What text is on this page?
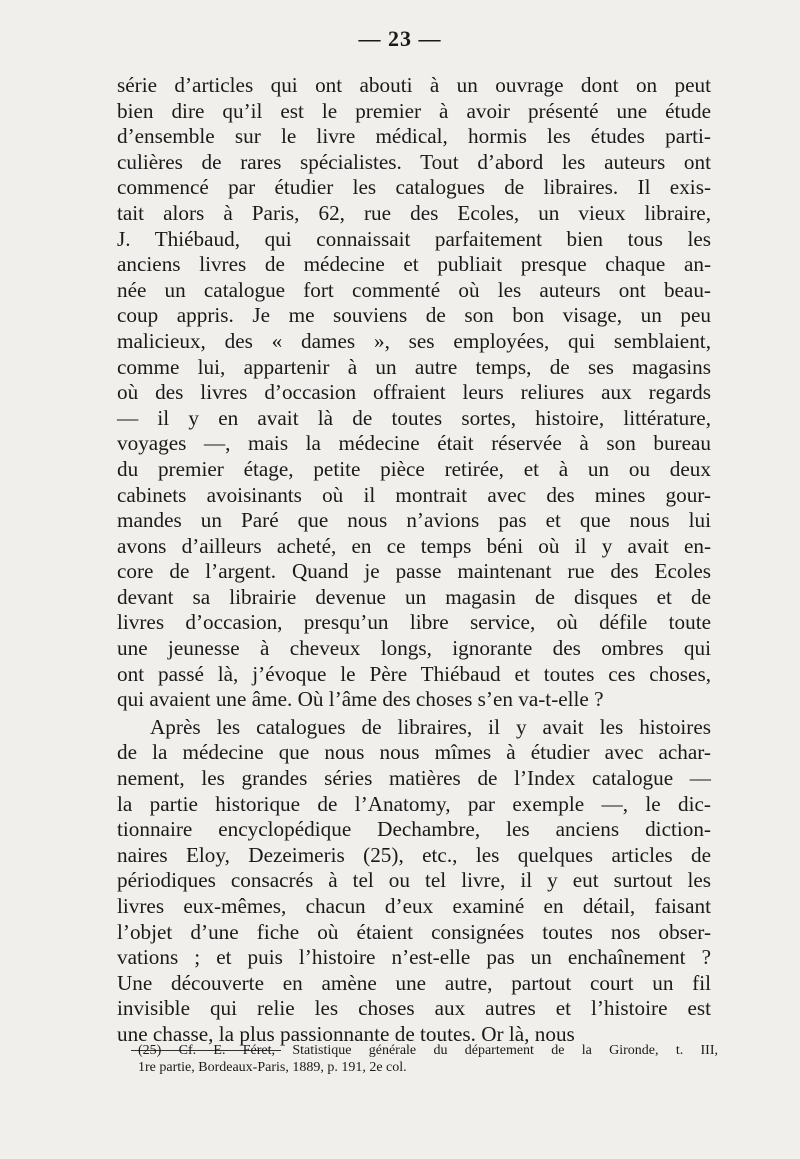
— 23 —
série d’articles qui ont abouti à un ouvrage dont on peut
bien dire qu’il est le premier à avoir présenté une étude
d’ensemble sur le livre médical, hormis les études parti-
culières de rares spécialistes. Tout d’abord les auteurs ont
commencé par étudier les catalogues de libraires. Il exis-
tait alors à Paris, 62, rue des Ecoles, un vieux libraire,
J. Thiébaud, qui connaissait parfaitement bien tous les
anciens livres de médecine et publiait presque chaque an-
née un catalogue fort commenté où les auteurs ont beau-
coup appris. Je me souviens de son bon visage, un peu
malicieux, des « dames », ses employées, qui semblaient,
comme lui, appartenir à un autre temps, de ses magasins
où des livres d’occasion offraient leurs reliures aux regards
— il y en avait là de toutes sortes, histoire, littérature,
voyages —, mais la médecine était réservée à son bureau
du premier étage, petite pièce retirée, et à un ou deux
cabinets avoisinants où il montrait avec des mines gour-
mandes un Paré que nous n’avions pas et que nous lui
avons d’ailleurs acheté, en ce temps béni où il y avait en-
core de l’argent. Quand je passe maintenant rue des Ecoles
devant sa librairie devenue un magasin de disques et de
livres d’occasion, presqu’un libre service, où défile toute
une jeunesse à cheveux longs, ignorante des ombres qui
ont passé là, j’évoque le Père Thiébaud et toutes ces choses,
qui avaient une âme. Où l’âme des choses s’en va-t-elle ?
Après les catalogues de libraires, il y avait les histoires
de la médecine que nous nous mîmes à étudier avec achar-
nement, les grandes séries matières de l’Index catalogue —
la partie historique de l’Anatomy, par exemple —, le dic-
tionnaire encyclopédique Dechambre, les anciens diction-
naires Eloy, Dezeimeris (25), etc., les quelques articles de
périodiques consacrés à tel ou tel livre, il y eut surtout les
livres eux-mêmes, chacun d’eux examiné en détail, faisant
l’objet d’une fiche où étaient consignées toutes nos obser-
vations ; et puis l’histoire n’est-elle pas un enchaînement ?
Une découverte en amène une autre, partout court un fil
invisible qui relie les choses aux autres et l’histoire est
une chasse, la plus passionnante de toutes. Or là, nous
(25) Cf. E. Féret, Statistique générale du département de la Gironde, t. III,
1re partie, Bordeaux-Paris, 1889, p. 191, 2e col.
